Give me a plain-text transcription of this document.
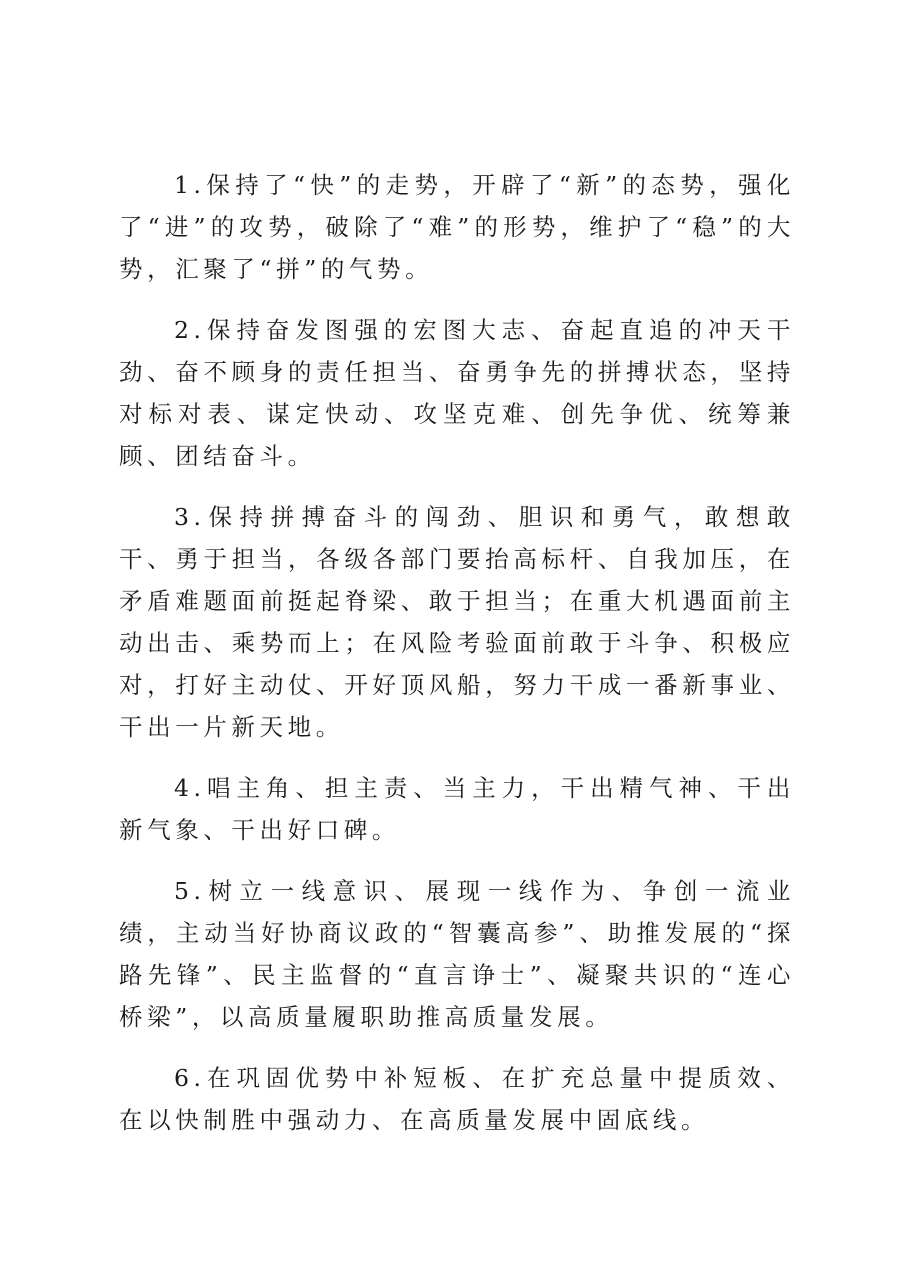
1.保持了“快”的走势，开辟了“新”的态势，强化了“进”的攻势，破除了“难”的形势，维护了“稳”的大势，汇聚了“拼”的气势。

2.保持奋发图强的宏图大志、奋起直追的冲天干劲、奋不顾身的责任担当、奋勇争先的拼搏状态，坚持对标对表、谋定快动、攻坚克难、创先争优、统筹兼顾、团结奋斗。

3.保持拼搏奋斗的闯劲、胆识和勇气，敢想敢干、勇于担当，各级各部门要抬高标杆、自我加压，在矛盾难题面前挺起脊梁、敢于担当；在重大机遇面前主动出击、乘势而上；在风险考验面前敢于斗争、积极应对，打好主动仗、开好顶风船，努力干成一番新事业、干出一片新天地。

4.唱主角、担主责、当主力，干出精气神、干出新气象、干出好口碑。

5.树立一线意识、展现一线作为、争创一流业绩，主动当好协商议政的“智囊高参”、助推发展的“探路先锋”、民主监督的“直言诤士”、凝聚共识的“连心桥梁”，以高质量履职助推高质量发展。

6.在巩固优势中补短板、在扩充总量中提质效、在以快制胜中强动力、在高质量发展中固底线。
